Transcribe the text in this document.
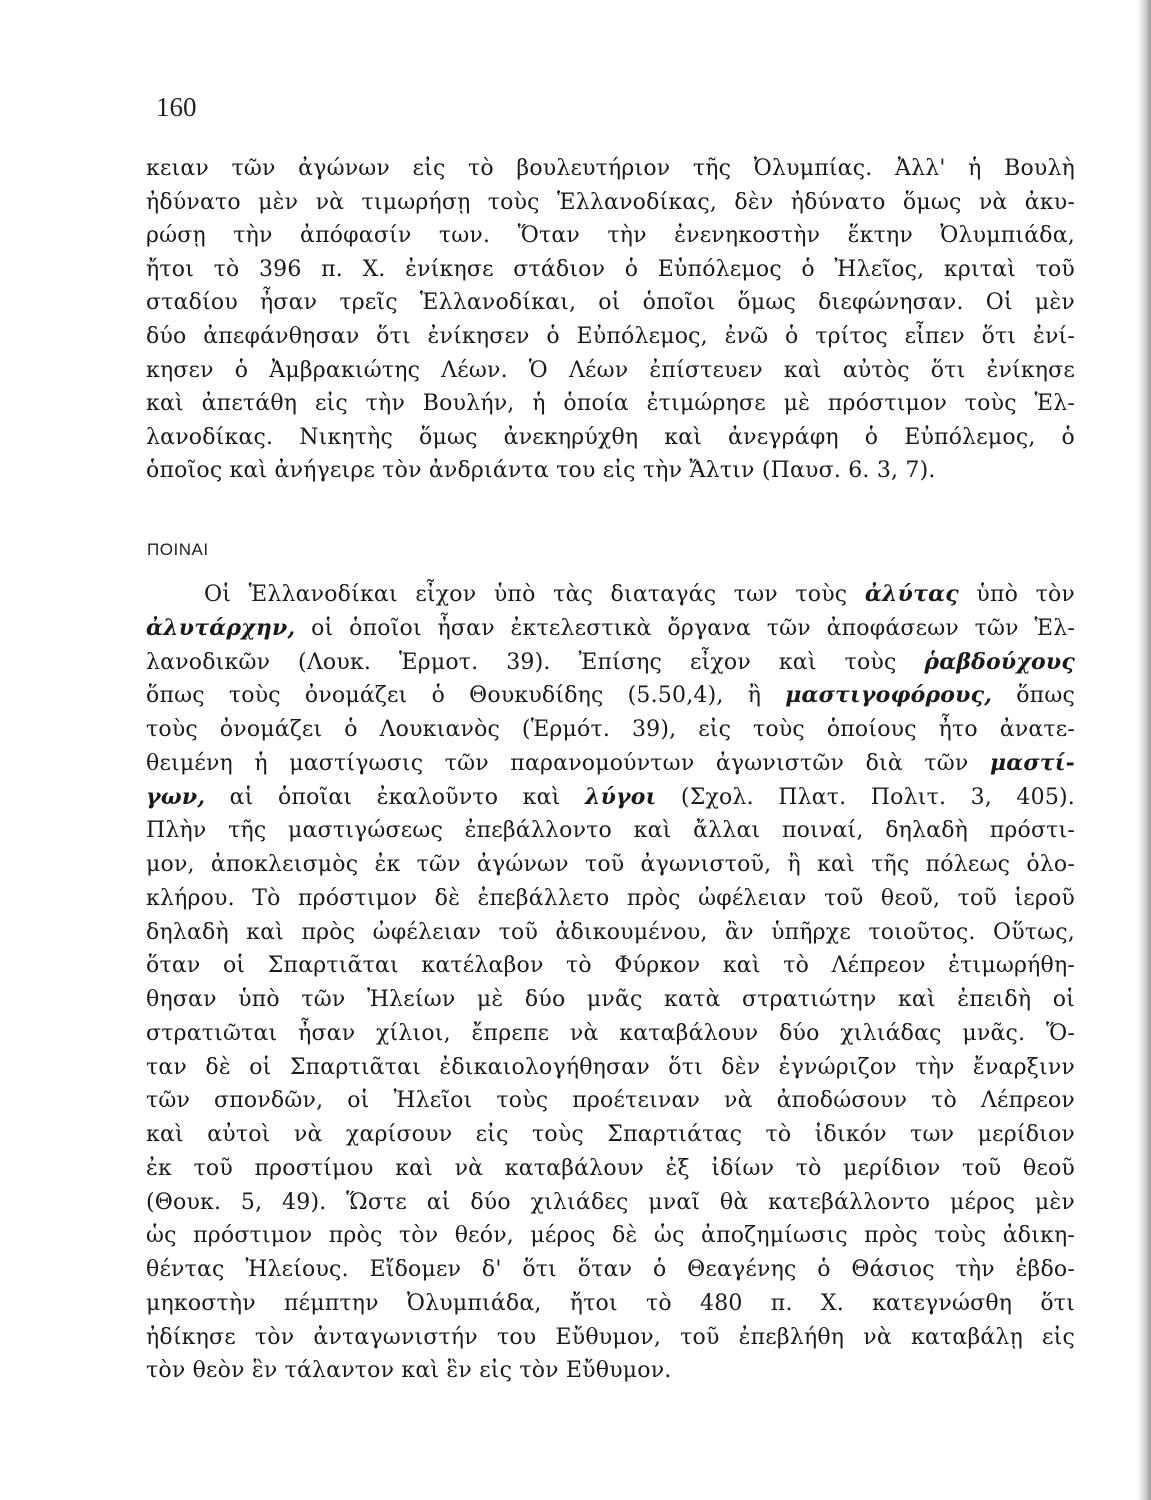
160
κειαν τῶν ἀγώνων εἰς τὸ βουλευτήριον τῆς Ὀλυμπίας. Ἀλλ' ἡ Βουλὴ
ἠδύνατο μὲν νὰ τιμωρήσῃ τοὺς Ἑλλανοδίκας, δὲν ἠδύνατο ὅμως νὰ ἀκυ-
ρώσῃ τὴν ἀπόφασίν των. Ὅταν τὴν ἐνενηκοστὴν ἕκτην Ὀλυμπιάδα,
ἤτοι τὸ 396 π. Χ. ἐνίκησε στάδιον ὁ Εὐπόλεμος ὁ Ἠλεῖος, κριταὶ τοῦ
σταδίου ἦσαν τρεῖς Ἑλλανοδίκαι, οἱ ὁποῖοι ὅμως διεφώνησαν. Οἱ μὲν
δύο ἀπεφάνθησαν ὅτι ἐνίκησεν ὁ Εὐπόλεμος, ἐνῶ ὁ τρίτος εἶπεν ὅτι ἐνί-
κησεν ὁ Ἀμβρακιώτης Λέων. Ὁ Λέων ἐπίστευεν καὶ αὐτὸς ὅτι ἐνίκησε
καὶ ἀπετάθη εἰς τὴν Βουλήν, ἡ ὁποία ἐτιμώρησε μὲ πρόστιμον τοὺς Ἑλ-
λανοδίκας. Νικητὴς ὅμως ἀνεκηρύχθη καὶ ἀνεγράφη ὁ Εὐπόλεμος, ὁ
ὁποῖος καὶ ἀνήγειρε τὸν ἀνδριάντα του εἰς τὴν Ἄλτιν (Παυσ. 6. 3, 7).
ΠΟΙΝΑΙ
Οἱ Ἑλλανοδίκαι εἶχον ὑπὸ τὰς διαταγάς των τοὺς ἀλύτας ὑπὸ τὸν
ἀλυτάρχην, οἱ ὁποῖοι ἦσαν ἐκτελεστικὰ ὄργανα τῶν ἀποφάσεων τῶν Ἑλ-
λανοδικῶν (Λουκ. Ἑρμοτ. 39). Ἐπίσης εἶχον καὶ τοὺς ῥαβδούχους
ὅπως τοὺς ὀνομάζει ὁ Θουκυδίδης (5.50,4), ἢ μαστιγοφόρους, ὅπως
τοὺς ὀνομάζει ὁ Λουκιανὸς (Ἑρμότ. 39), εἰς τοὺς ὁποίους ἦτο ἀνατε-
θειμένη ἡ μαστίγωσις τῶν παρανομούντων ἀγωνιστῶν διὰ τῶν μαστί-
γων, αἱ ὁποῖαι ἐκαλοῦντο καὶ λύγοι (Σχολ. Πλατ. Πολιτ. 3, 405).
Πλὴν τῆς μαστιγώσεως ἐπεβάλλοντο καὶ ἄλλαι ποιναί, δηλαδὴ πρόστι-
μον, ἀποκλεισμὸς ἐκ τῶν ἀγώνων τοῦ ἀγωνιστοῦ, ἢ καὶ τῆς πόλεως ὁλο-
κλήρου. Τὸ πρόστιμον δὲ ἐπεβάλλετο πρὸς ὠφέλειαν τοῦ θεοῦ, τοῦ ἱεροῦ
δηλαδὴ καὶ πρὸς ὠφέλειαν τοῦ ἀδικουμένου, ἂν ὑπῆρχε τοιοῦτος. Οὕτως,
ὅταν οἱ Σπαρτιᾶται κατέλαβον τὸ Φύρκον καὶ τὸ Λέπρεον ἐτιμωρήθη-
θησαν ὑπὸ τῶν Ἠλείων μὲ δύο μνᾶς κατὰ στρατιώτην καὶ ἐπειδὴ οἱ
στρατιῶται ἦσαν χίλιοι, ἔπρεπε νὰ καταβάλουν δύο χιλιάδας μνᾶς. Ὅ-
ταν δὲ οἱ Σπαρτιᾶται ἐδικαιολογήθησαν ὅτι δὲν ἐγνώριζον τὴν ἔναρξινν
τῶν σπονδῶν, οἱ Ἠλεῖοι τοὺς προέτειναν νὰ ἀποδώσουν τὸ Λέπρεον
καὶ αὐτοὶ νὰ χαρίσουν εἰς τοὺς Σπαρτιάτας τὸ ἰδικόν των μερίδιον
ἐκ τοῦ προστίμου καὶ νὰ καταβάλουν ἐξ ἰδίων τὸ μερίδιον τοῦ θεοῦ
(Θουκ. 5, 49). Ὥστε αἱ δύο χιλιάδες μναῖ θὰ κατεβάλλοντο μέρος μὲν
ὡς πρόστιμον πρὸς τὸν θεόν, μέρος δὲ ὡς ἀποζημίωσις πρὸς τοὺς ἀδικη-
θέντας Ἠλείους. Εἴδομεν δ' ὅτι ὅταν ὁ Θεαγένης ὁ Θάσιος τὴν ἑβδο-
μηκοστὴν πέμπτην Ὀλυμπιάδα, ἤτοι τὸ 480 π. Χ. κατεγνώσθη ὅτι
ἠδίκησε τὸν ἀνταγωνιστήν του Εὔθυμον, τοῦ ἐπεβλήθη νὰ καταβάλῃ εἰς
τὸν θεὸν ἓν τάλαντον καὶ ἓν εἰς τὸν Εὔθυμον.
